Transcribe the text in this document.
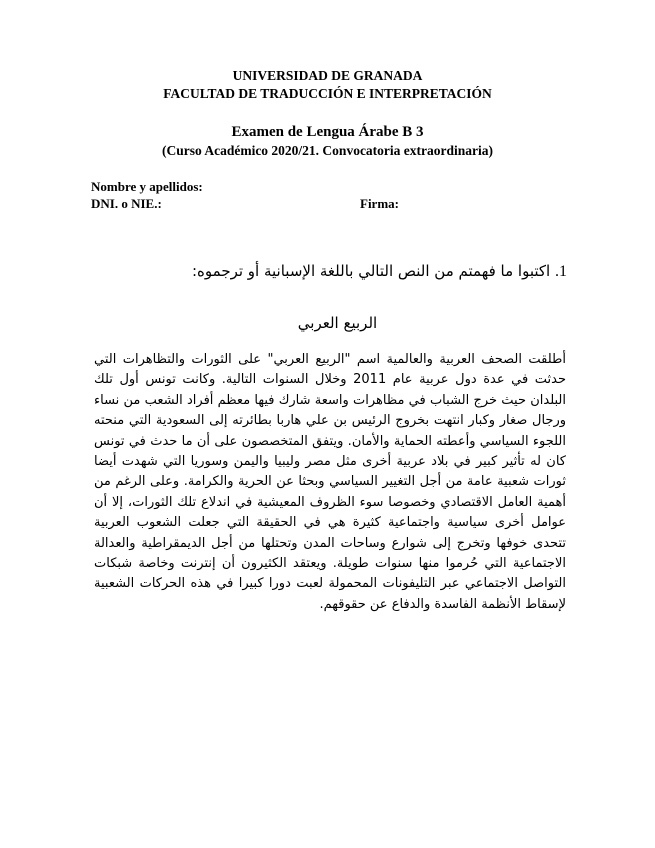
UNIVERSIDAD DE GRANADA
FACULTAD DE TRADUCCIÓN E INTERPRETACIÓN
Examen de Lengua Árabe B 3
(Curso Académico 2020/21. Convocatoria extraordinaria)
Nombre y apellidos:
DNI. o NIE.:	Firma:
1. اكتبوا ما فهمتم من النص التالي باللغة الإسبانية أو ترجموه:
الربيع العربي
أطلقت الصحف العربية والعالمية اسم "الربيع العربي" على الثورات والتظاهرات التي حدثت في عدة دول عربية عام 2011 وخلال السنوات التالية. وكانت تونس أول تلك البلدان حيث خرج الشباب في مظاهرات واسعة شارك فيها معظم أفراد الشعب من نساء ورجال صغار وكبار انتهت بخروج الرئيس بن علي هاربا بطائرته إلى السعودية التي منحته اللجوء السياسي وأعطته الحماية والأمان. ويتفق المتخصصون على أن ما حدث في تونس كان له تأثير كبير في بلاد عربية أخرى مثل مصر وليبيا واليمن وسوريا التي شهدت أيضا ثورات شعبية عامة من أجل التغيير السياسي وبحثا عن الحرية والكرامة. وعلى الرغم من أهمية العامل الاقتصادي وخصوصا سوء الظروف المعيشية في اندلاع تلك الثورات، إلا أن عوامل أخرى سياسية واجتماعية كثيرة هي في الحقيقة التي جعلت الشعوب العربية تتحدى خوفها وتخرج إلى شوارع وساحات المدن وتحتلها من أجل الديمقراطية والعدالة الاجتماعية التي حُرموا منها سنوات طويلة. ويعتقد الكثيرون أن إنترنت وخاصة شبكات التواصل الاجتماعي عبر التليفونات المحمولة لعبت دورا كبيرا في هذه الحركات الشعبية لإسقاط الأنظمة الفاسدة والدفاع عن حقوقهم.
